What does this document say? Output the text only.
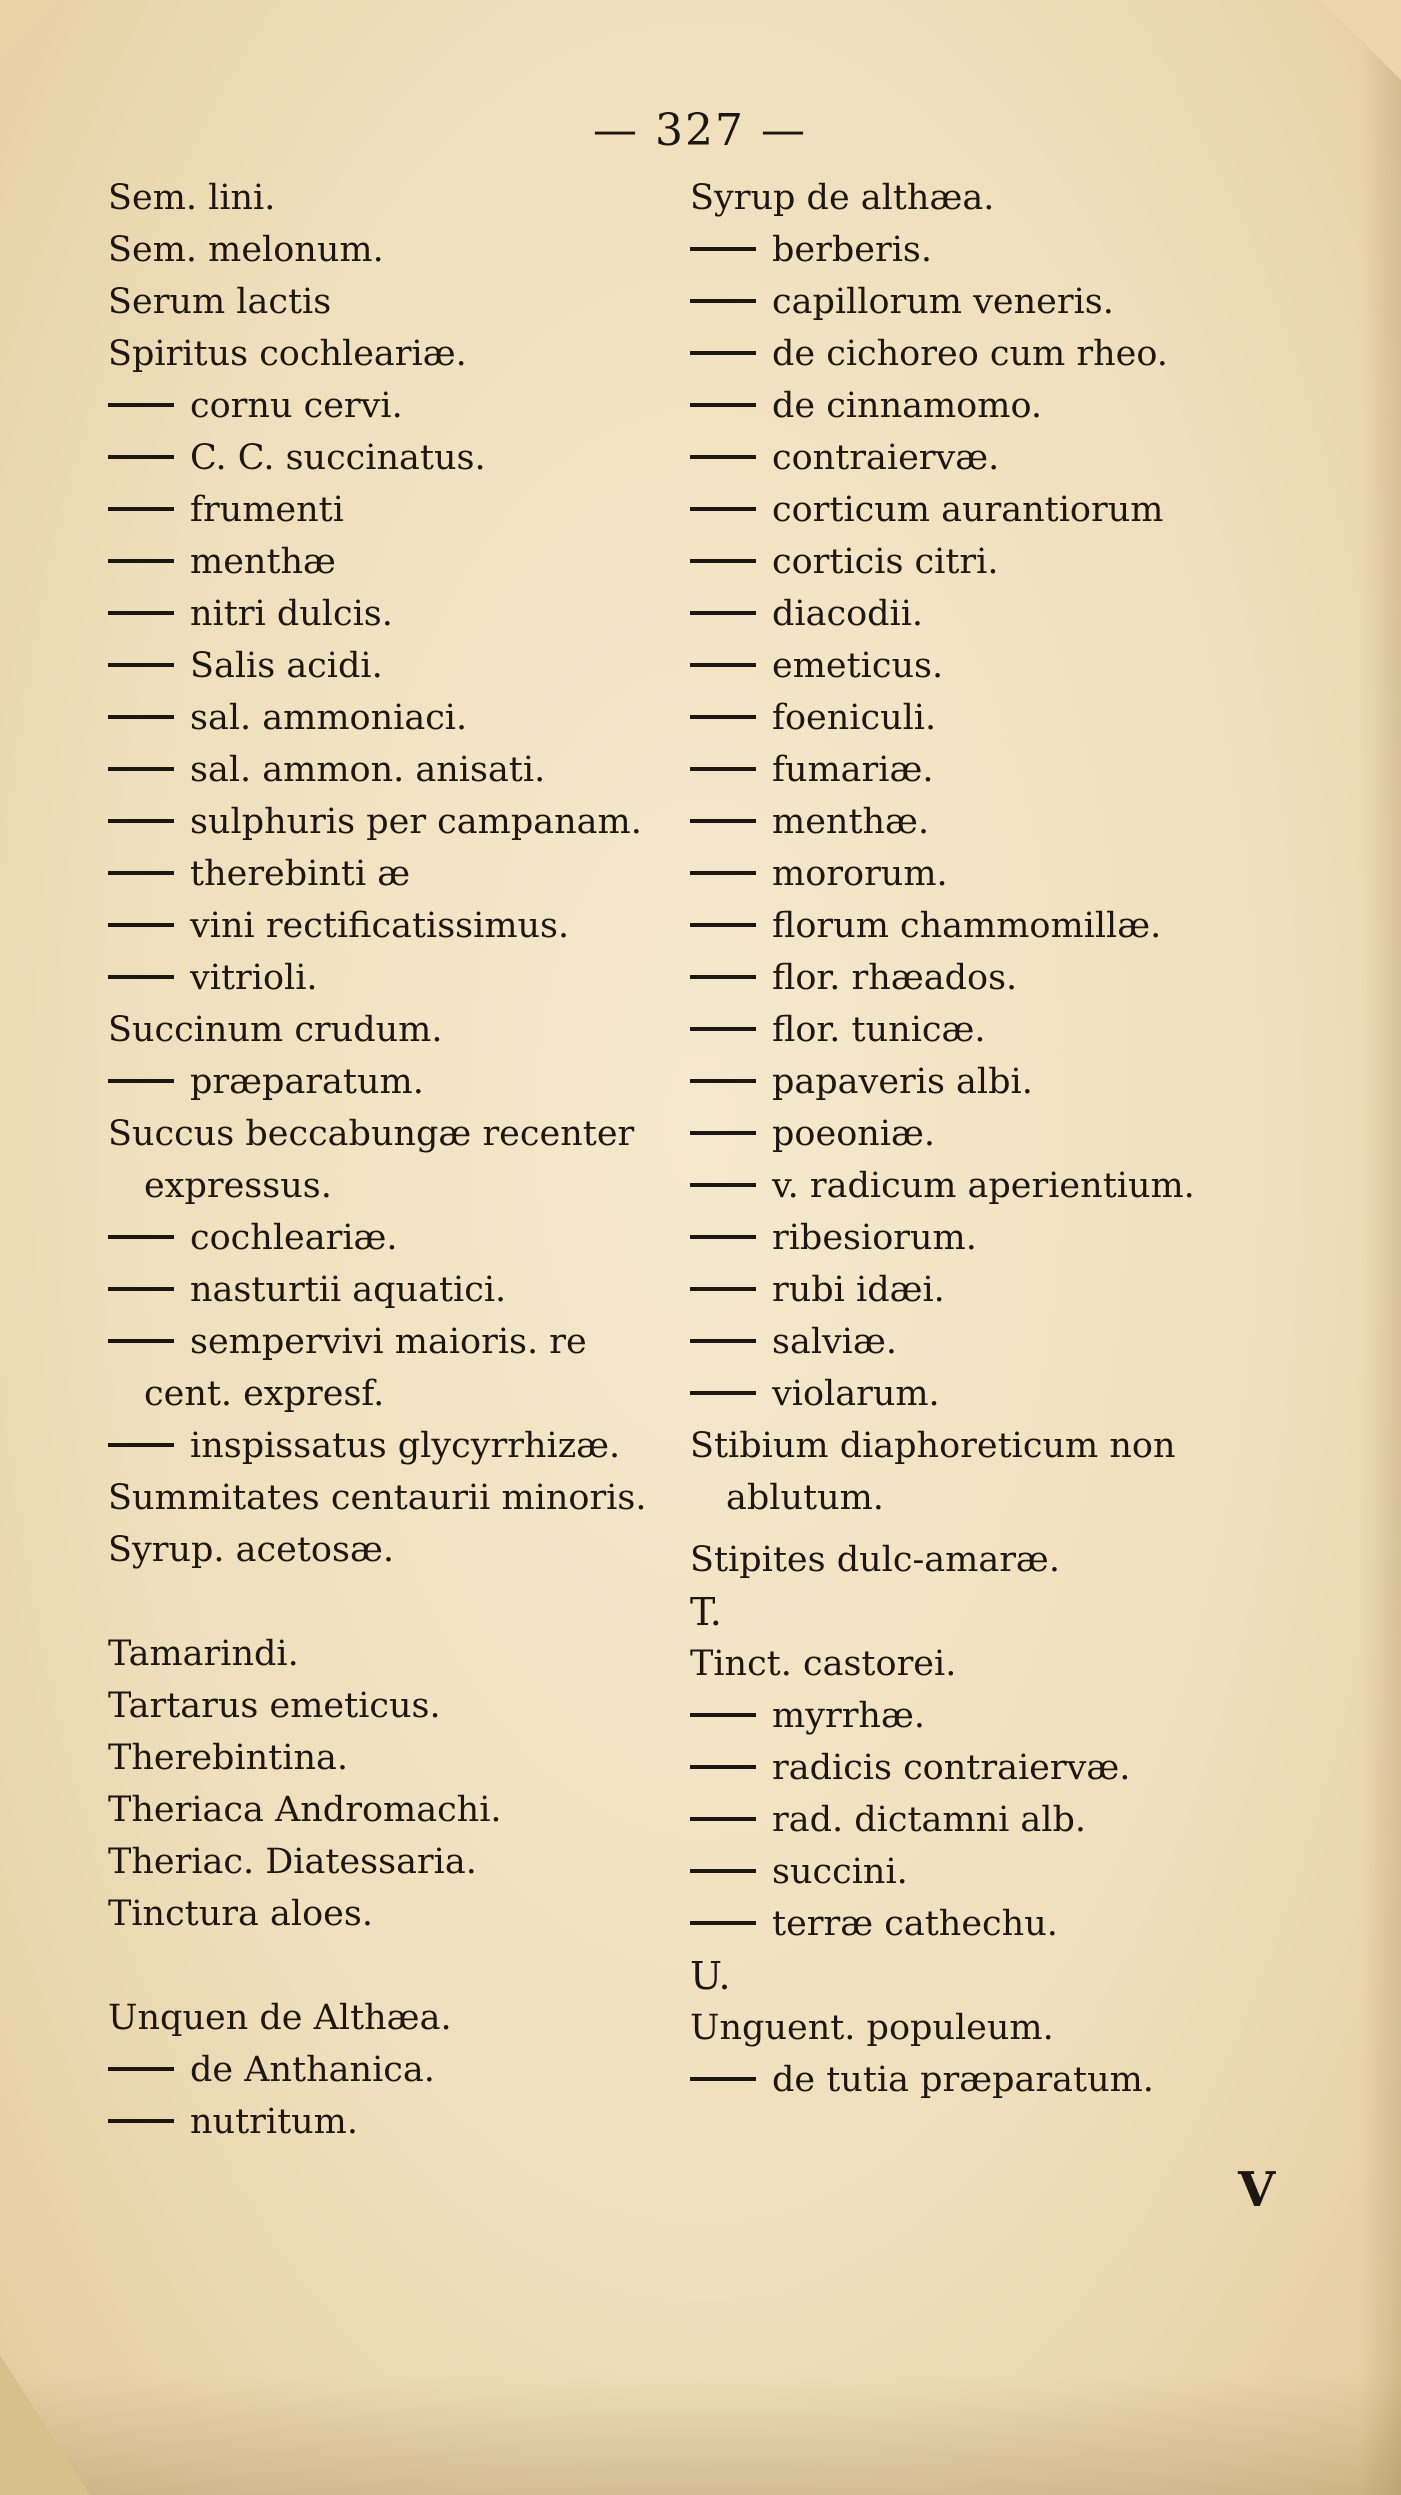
— 327 —
Sem. lini.
Sem. melonum.
Serum lactis
Spiritus cochleariæ.
cornu cervi.
C. C. succinatus.
frumenti
menthæ
nitri dulcis.
Salis acidi.
sal. ammoniaci.
sal. ammon. anisati.
sulphuris per campanam.
therebinti æ
vini rectificatissimus.
vitrioli.
Succinum crudum.
præparatum.
Succus beccabungæ recenter
expressus.
cochleariæ.
nasturtii aquatici.
sempervivi maioris. re
cent. expresf.
inspissatus glycyrrhizæ.
Summitates centaurii minoris.
Syrup. acetosæ.
Tamarindi.
Tartarus emeticus.
Therebintina.
Theriaca Andromachi.
Theriac. Diatessaria.
Tinctura aloes.
Unquen de Althæa.
de Anthanica.
nutritum.
Syrup de althæa.
berberis.
capillorum veneris.
de cichoreo cum rheo.
de cinnamomo.
contraiervæ.
corticum aurantiorum
corticis citri.
diacodii.
emeticus.
foeniculi.
fumariæ.
menthæ.
mororum.
florum chammomillæ.
flor. rhæados.
flor. tunicæ.
papaveris albi.
poeoniæ.
v. radicum aperientium.
ribesiorum.
rubi idæi.
salviæ.
violarum.
Stibium diaphoreticum non
ablutum.
Stipites dulc-amaræ.
T.
Tinct. castorei.
myrrhæ.
radicis contraiervæ.
rad. dictamni alb.
succini.
terræ cathechu.
U.
Unguent. populeum.
de tutia præparatum.
V
